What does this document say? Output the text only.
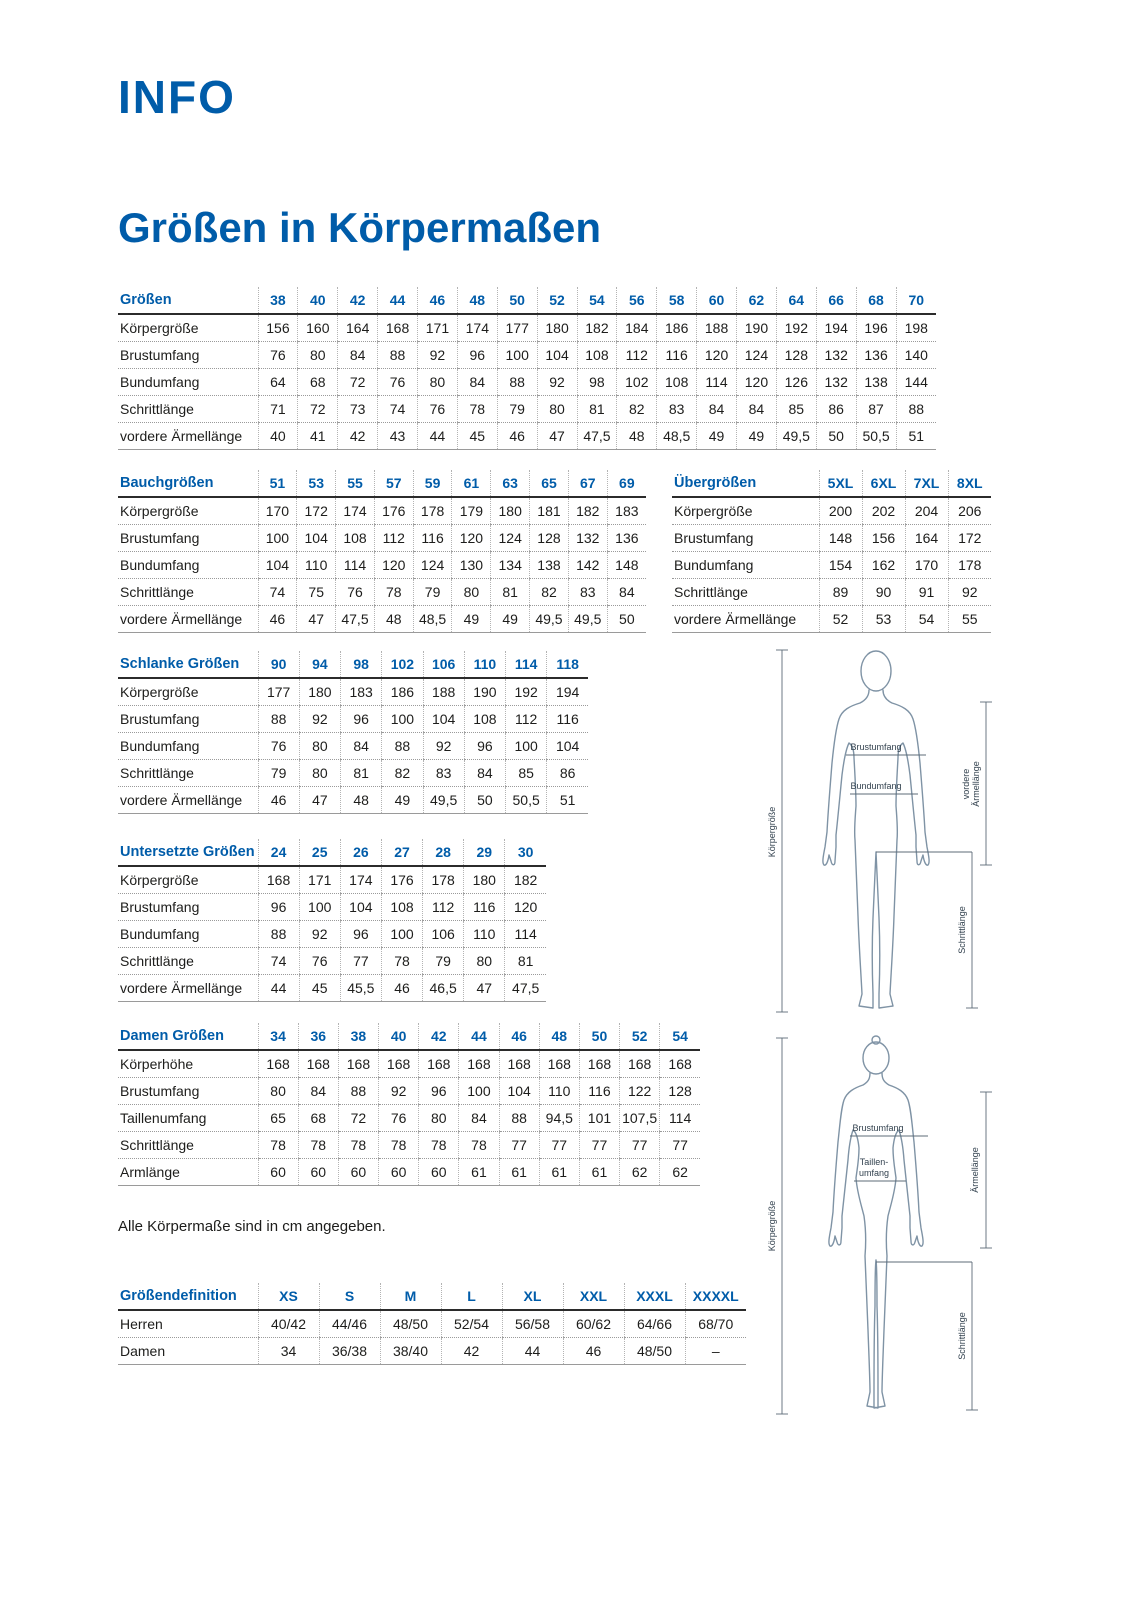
INFO
Größen in Körpermaßen
Größen	38	40	42	44	46	48	50	52	54	56	58	60	62	64	66	68	70
Körpergröße	156	160	164	168	171	174	177	180	182	184	186	188	190	192	194	196	198
Brustumfang	76	80	84	88	92	96	100	104	108	112	116	120	124	128	132	136	140
Bundumfang	64	68	72	76	80	84	88	92	98	102	108	114	120	126	132	138	144
Schrittlänge	71	72	73	74	76	78	79	80	81	82	83	84	84	85	86	87	88
vordere Ärmellänge	40	41	42	43	44	45	46	47	47,5	48	48,5	49	49	49,5	50	50,5	51
Bauchgrößen	51	53	55	57	59	61	63	65	67	69
Körpergröße	170	172	174	176	178	179	180	181	182	183
Brustumfang	100	104	108	112	116	120	124	128	132	136
Bundumfang	104	110	114	120	124	130	134	138	142	148
Schrittlänge	74	75	76	78	79	80	81	82	83	84
vordere Ärmellänge	46	47	47,5	48	48,5	49	49	49,5	49,5	50
Übergrößen	5XL	6XL	7XL	8XL
Körpergröße	200	202	204	206
Brustumfang	148	156	164	172
Bundumfang	154	162	170	178
Schrittlänge	89	90	91	92
vordere Ärmellänge	52	53	54	55
Schlanke Größen	90	94	98	102	106	110	114	118
Körpergröße	177	180	183	186	188	190	192	194
Brustumfang	88	92	96	100	104	108	112	116
Bundumfang	76	80	84	88	92	96	100	104
Schrittlänge	79	80	81	82	83	84	85	86
vordere Ärmellänge	46	47	48	49	49,5	50	50,5	51
Untersetzte Größen	24	25	26	27	28	29	30
Körpergröße	168	171	174	176	178	180	182
Brustumfang	96	100	104	108	112	116	120
Bundumfang	88	92	96	100	106	110	114
Schrittlänge	74	76	77	78	79	80	81
vordere Ärmellänge	44	45	45,5	46	46,5	47	47,5
Damen Größen	34	36	38	40	42	44	46	48	50	52	54
Körperhöhe	168	168	168	168	168	168	168	168	168	168	168
Brustumfang	80	84	88	92	96	100	104	110	116	122	128
Taillenumfang	65	68	72	76	80	84	88	94,5	101	107,5	114
Schrittlänge	78	78	78	78	78	78	77	77	77	77	77
Armlänge	60	60	60	60	60	61	61	61	61	62	62

Alle Körpermaße sind in cm angegeben.

Größendefinition	XS	S	M	L	XL	XXL	XXXL	XXXXL
Herren	40/42	44/46	48/50	52/54	56/58	60/62	64/66	68/70
Damen	34	36/38	38/40	42	44	46	48/50	–
Körpergröße
Brustumfang
Bundumfang	vordere Ärmellänge
Schrittlänge
Körpergröße
Brustumfang
Taillen-
umfang	Ärmellänge
Schrittlänge
